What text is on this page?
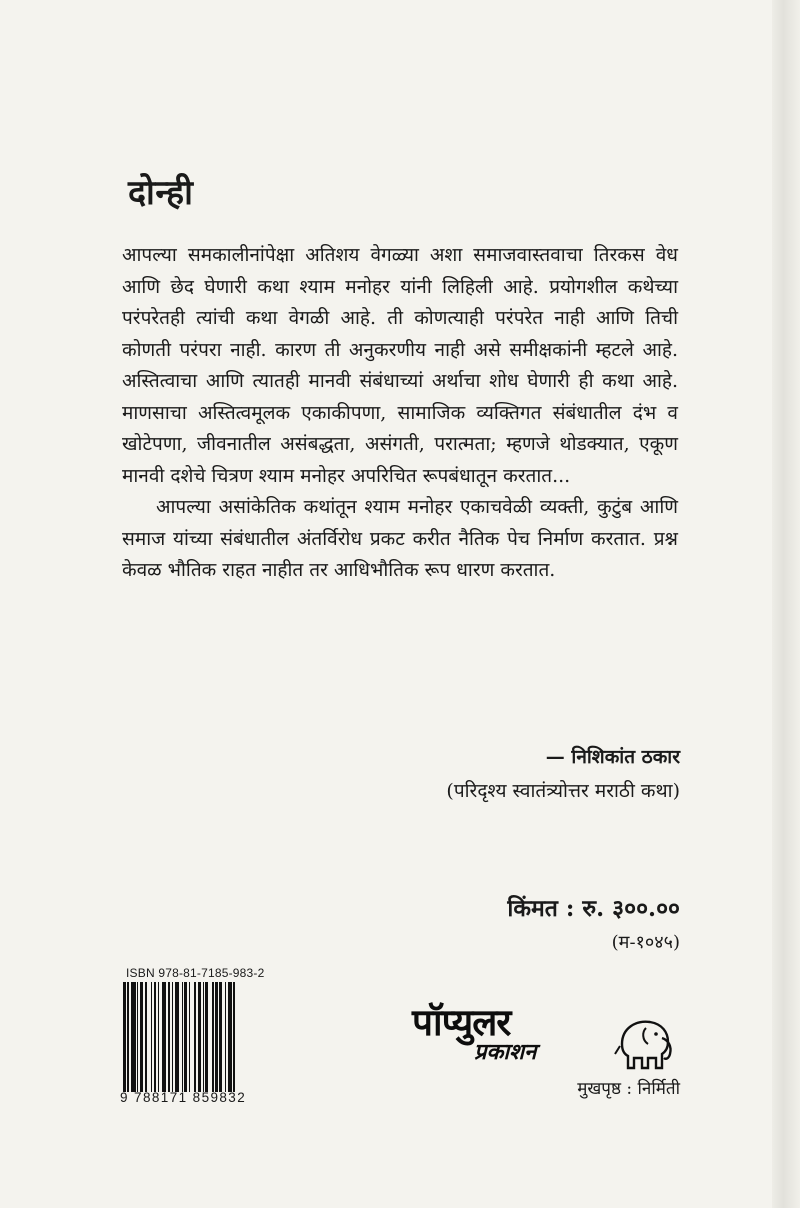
दोन्ही

आपल्या समकालीनांपेक्षा अतिशय वेगळ्या अशा समाजवास्तवाचा तिरकस वेध आणि छेद घेणारी कथा श्याम मनोहर यांनी लिहिली आहे. प्रयोगशील कथेच्या परंपरेतही त्यांची कथा वेगळी आहे. ती कोणत्याही परंपरेत नाही आणि तिची कोणती परंपरा नाही. कारण ती अनुकरणीय नाही असे समीक्षकांनी म्हटले आहे. अस्तित्वाचा आणि त्यातही मानवी संबंधाच्यां अर्थाचा शोध घेणारी ही कथा आहे. माणसाचा अस्तित्वमूलक एकाकीपणा, सामाजिक व्यक्तिगत संबंधातील दंभ व खोटेपणा, जीवनातील असंबद्धता, असंगती, परात्मता; म्हणजे थोडक्यात, एकूण मानवी दशेचे चित्रण श्याम मनोहर अपरिचित रूपबंधातून करतात...

आपल्या असांकेतिक कथांतून श्याम मनोहर एकाचवेळी व्यक्ती, कुटुंब आणि समाज यांच्या संबंधातील अंतर्विरोध प्रकट करीत नैतिक पेच निर्माण करतात. प्रश्न केवळ भौतिक राहत नाहीत तर आधिभौतिक रूप धारण करतात.

— निशिकांत ठकार
(परिदृश्य स्वातंत्र्योत्तर मराठी कथा)
किंमत : रु. ३००.००
(म-१०४५)
ISBN 978-81-7185-983-2
9 788171 859832
पॉप्युलर
प्रकाशन
मुखपृष्ठ : निर्मिती
